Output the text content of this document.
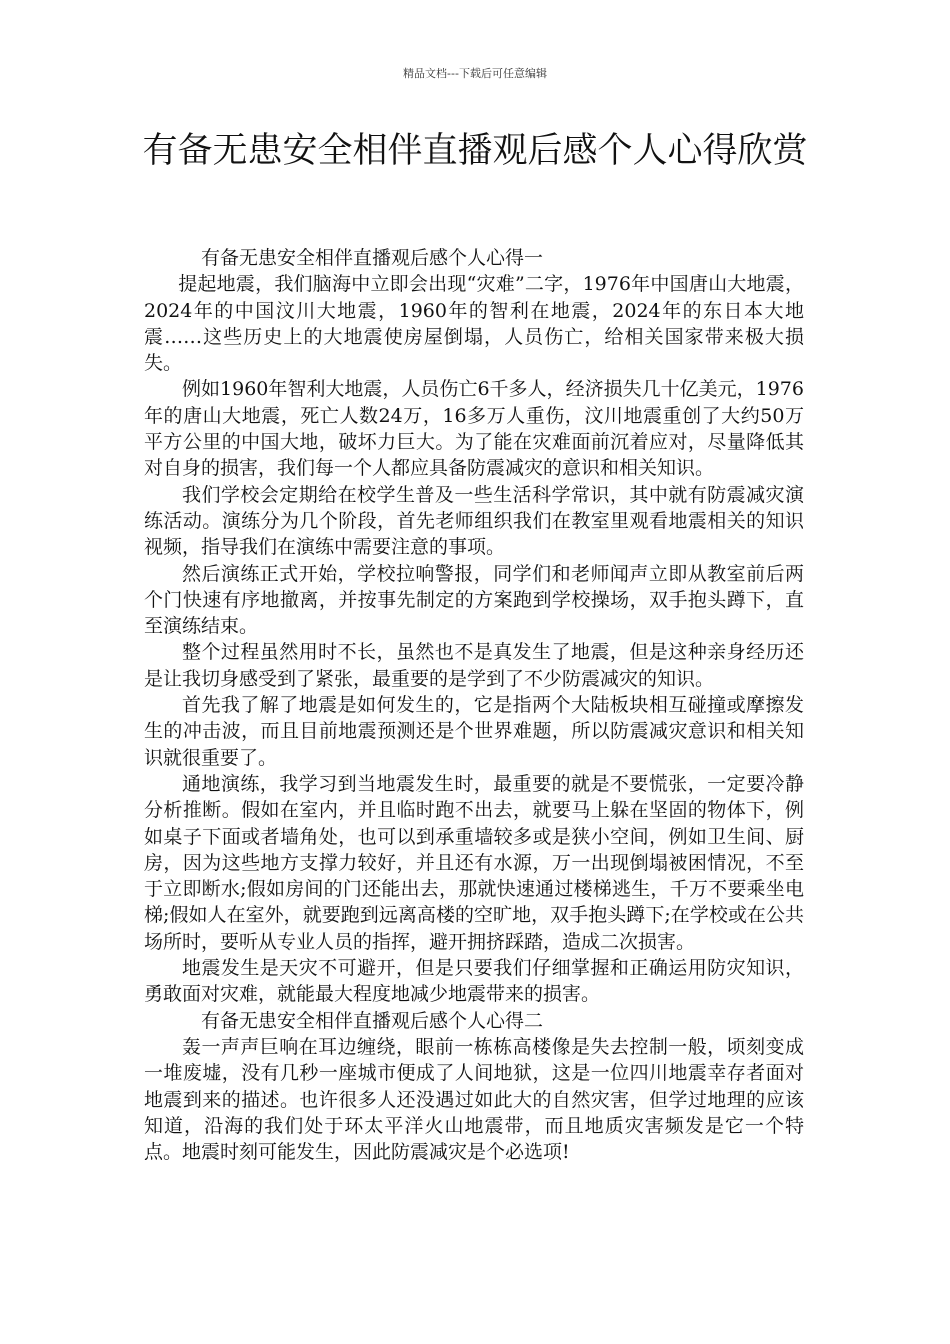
精品文档---下载后可任意编辑
有备无患安全相伴直播观后感个人心得欣赏

有备无患安全相伴直播观后感个人心得一

提起地震，我们脑海中立即会出现“灾难”二字，1976年中国唐山大地震，2024年的中国汶川大地震，1960年的智利在地震，2024年的东日本大地震……这些历史上的大地震使房屋倒塌，人员伤亡，给相关国家带来极大损失。

例如1960年智利大地震，人员伤亡6千多人，经济损失几十亿美元，1976年的唐山大地震，死亡人数24万，16多万人重伤，汶川地震重创了大约50万平方公里的中国大地，破坏力巨大。为了能在灾难面前沉着应对，尽量降低其对自身的损害，我们每一个人都应具备防震减灾的意识和相关知识。

我们学校会定期给在校学生普及一些生活科学常识，其中就有防震减灾演练活动。演练分为几个阶段，首先老师组织我们在教室里观看地震相关的知识视频，指导我们在演练中需要注意的事项。

然后演练正式开始，学校拉响警报，同学们和老师闻声立即从教室前后两个门快速有序地撤离，并按事先制定的方案跑到学校操场，双手抱头蹲下，直至演练结束。

整个过程虽然用时不长，虽然也不是真发生了地震，但是这种亲身经历还是让我切身感受到了紧张，最重要的是学到了不少防震减灾的知识。

首先我了解了地震是如何发生的，它是指两个大陆板块相互碰撞或摩擦发生的冲击波，而且目前地震预测还是个世界难题，所以防震减灾意识和相关知识就很重要了。

通地演练，我学习到当地震发生时，最重要的就是不要慌张，一定要冷静分析推断。假如在室内，并且临时跑不出去，就要马上躲在坚固的物体下，例如桌子下面或者墙角处，也可以到承重墙较多或是狭小空间，例如卫生间、厨房，因为这些地方支撑力较好，并且还有水源，万一出现倒塌被困情况，不至于立即断水;假如房间的门还能出去，那就快速通过楼梯逃生，千万不要乘坐电梯;假如人在室外，就要跑到远离高楼的空旷地，双手抱头蹲下;在学校或在公共场所时，要听从专业人员的指挥，避开拥挤踩踏，造成二次损害。

地震发生是天灾不可避开，但是只要我们仔细掌握和正确运用防灾知识，勇敢面对灾难，就能最大程度地减少地震带来的损害。

有备无患安全相伴直播观后感个人心得二

轰一声声巨响在耳边缠绕，眼前一栋栋高楼像是失去控制一般，顷刻变成一堆废墟，没有几秒一座城市便成了人间地狱，这是一位四川地震幸存者面对地震到来的描述。也许很多人还没遇过如此大的自然灾害，但学过地理的应该知道，沿海的我们处于环太平洋火山地震带，而且地质灾害频发是它一个特点。地震时刻可能发生，因此防震减灾是个必选项!
